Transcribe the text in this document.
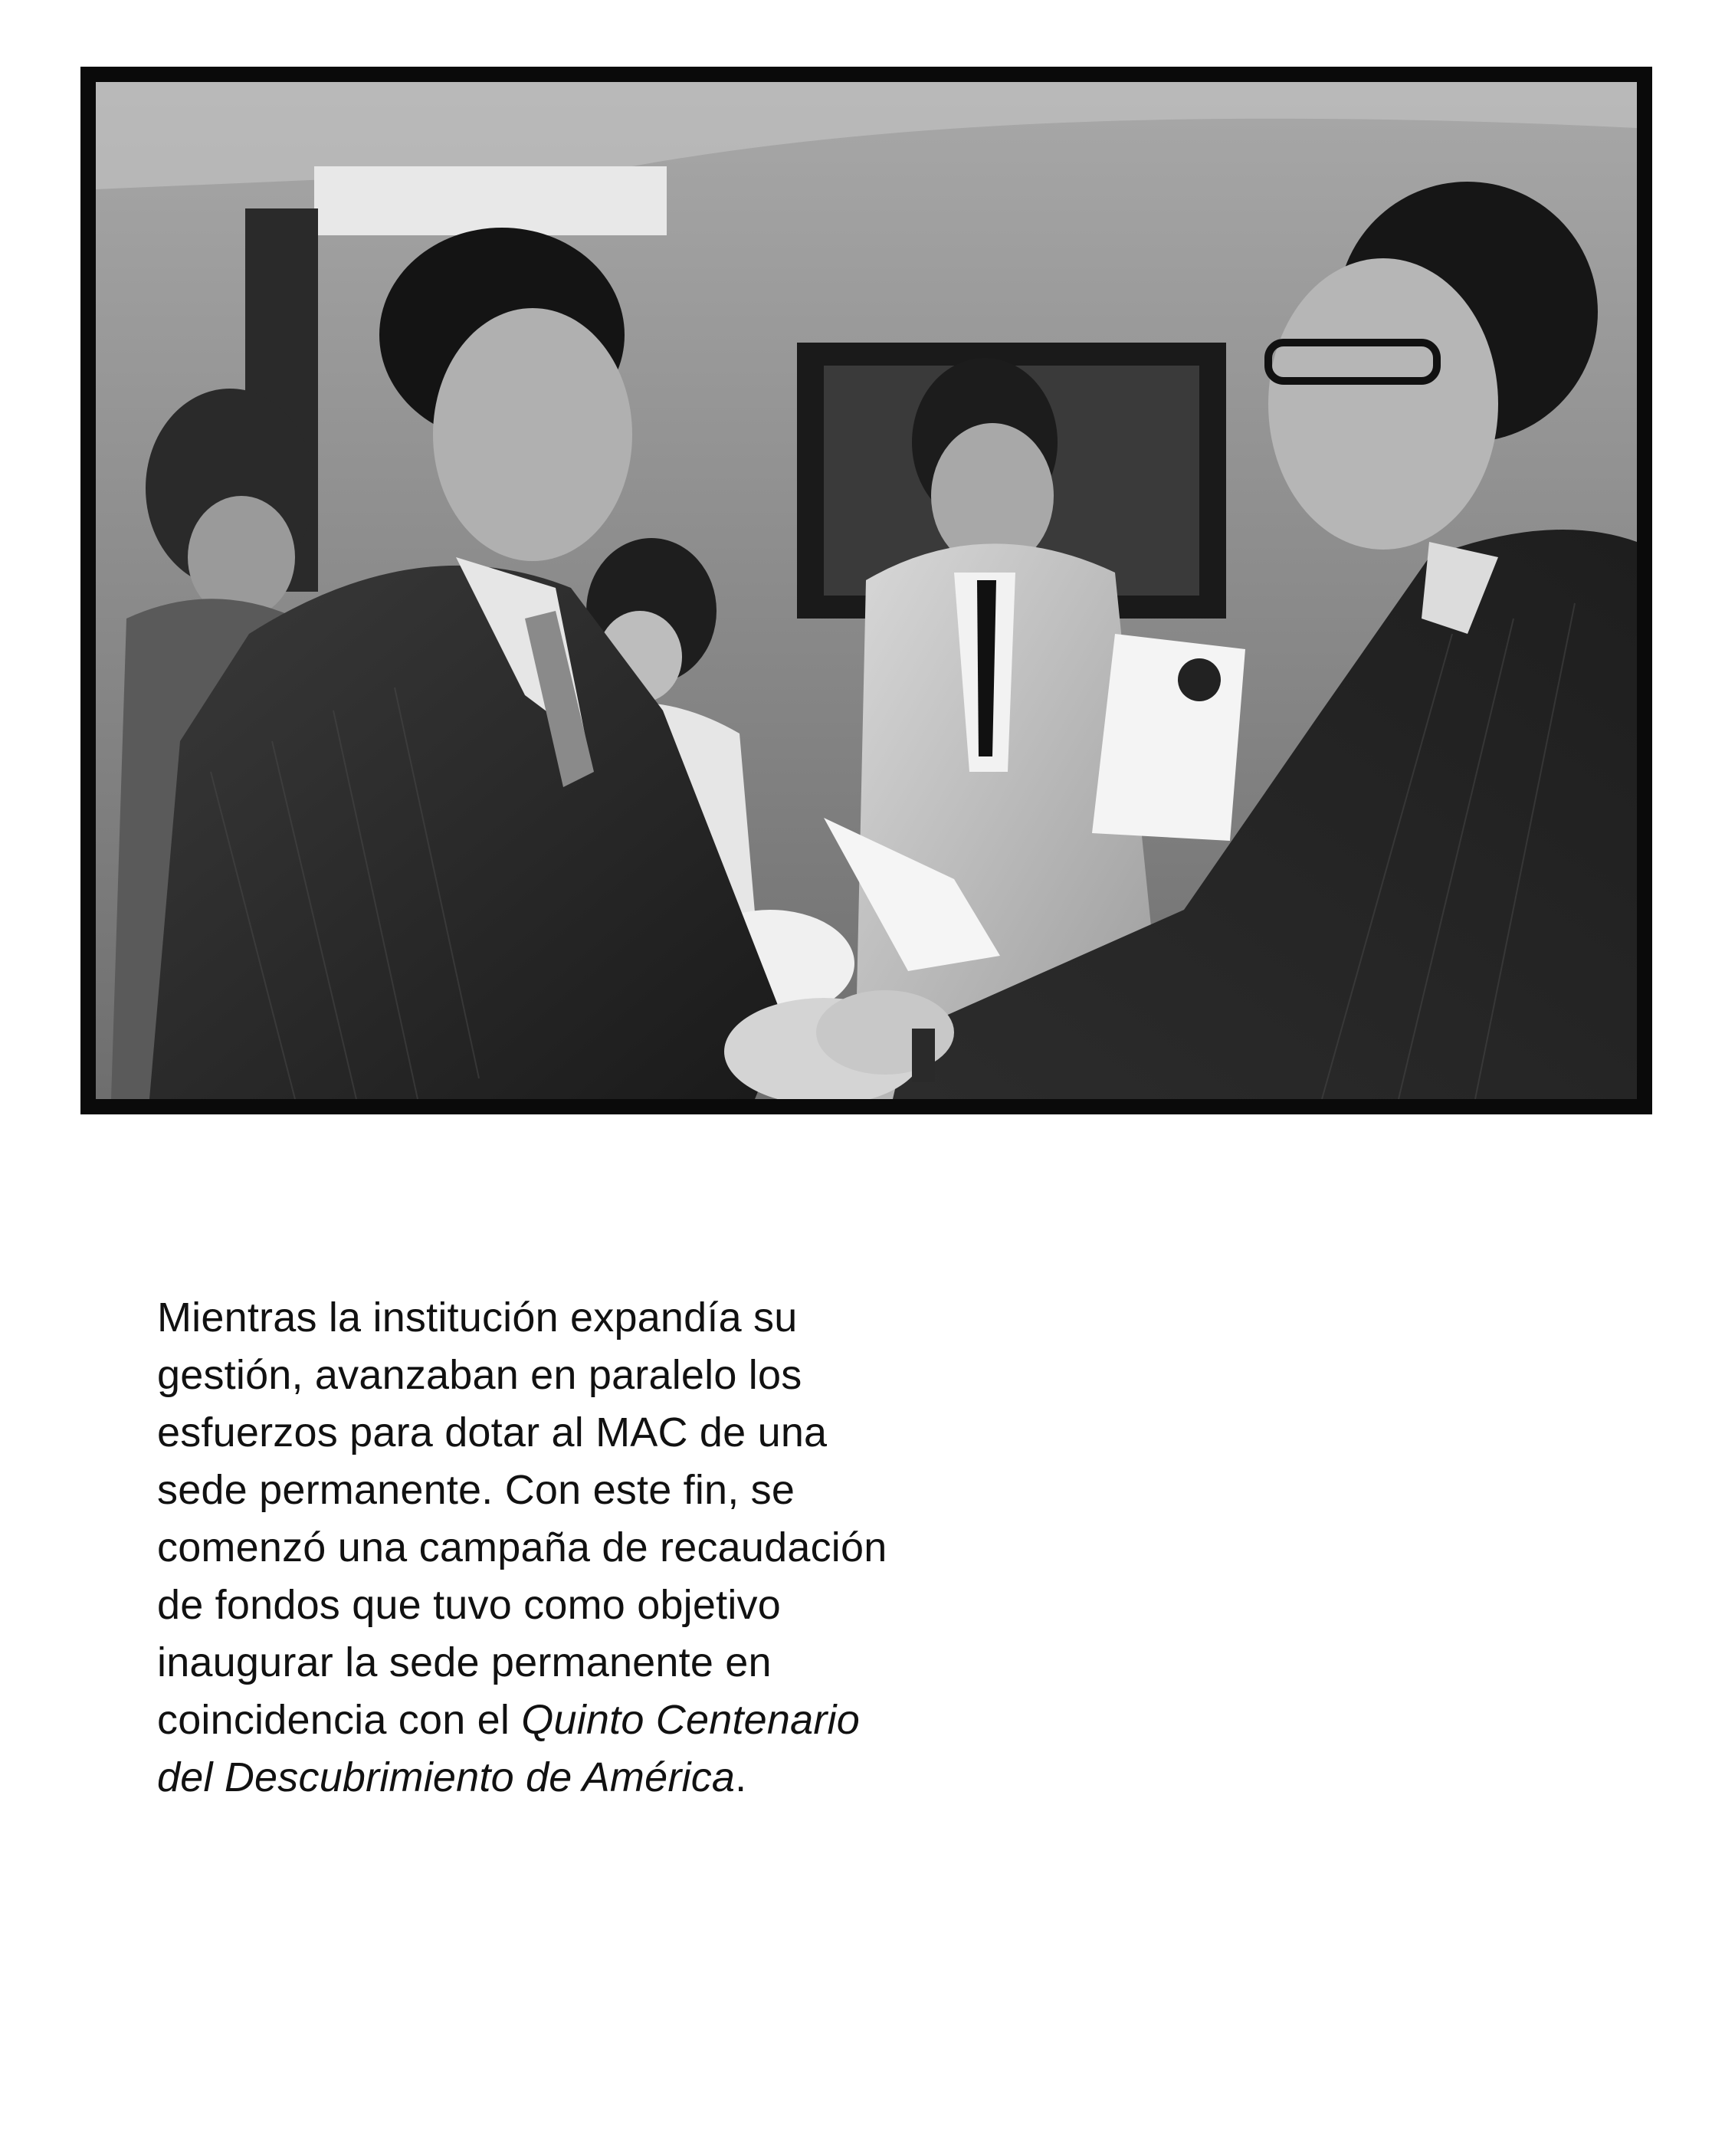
Mientras la institución expandía su gestión, avanzaban en paralelo los esfuerzos para dotar al MAC de una sede permanente. Con este fin, se comenzó una campaña de recaudación de fondos que tuvo como objetivo inaugurar la sede permanente en coincidencia con el Quinto Centenario del Descubrimiento de América.
